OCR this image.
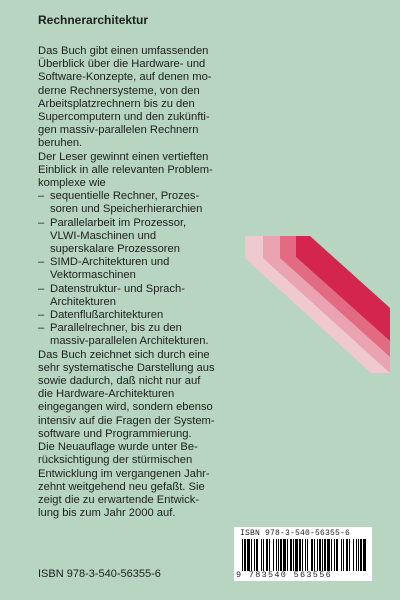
Rechnerarchitektur

Das Buch gibt einen umfassenden
Überblick über die Hardware- und
Software-Konzepte, auf denen mo-
derne Rechnersysteme, von den
Arbeitsplatzrechnern bis zu den
Supercomputern und den zukünfti-
gen massiv-parallelen Rechnern
beruhen.

Der Leser gewinnt einen vertieften
Einblick in alle relevanten Problem-
komplexe wie

– sequentielle Rechner, Prozes-
soren und Speicherhierarchien
– Parallelarbeit im Prozessor,
VLWI-Maschinen und
superskalare Prozessoren
– SIMD-Architekturen und
Vektormaschinen
– Datenstruktur- und Sprach-
Architekturen
– Datenflußarchitekturen
– Parallelrechner, bis zu den
massiv-parallelen Architekturen.

Das Buch zeichnet sich durch eine
sehr systematische Darstellung aus
sowie dadurch, daß nicht nur auf
die Hardware-Architekturen
eingegangen wird, sondern ebenso
intensiv auf die Fragen der System-
software und Programmierung.

Die Neuauflage wurde unter Be-
rücksichtigung der stürmischen
Entwicklung im vergangenen Jahr-
zehnt weitgehend neu gefaßt. Sie
zeigt die zu erwartende Entwick-
lung bis zum Jahr 2000 auf.

ISBN 978-3-540-56355-6
9 783540 563556
ISBN 978-3-540-56355-6
